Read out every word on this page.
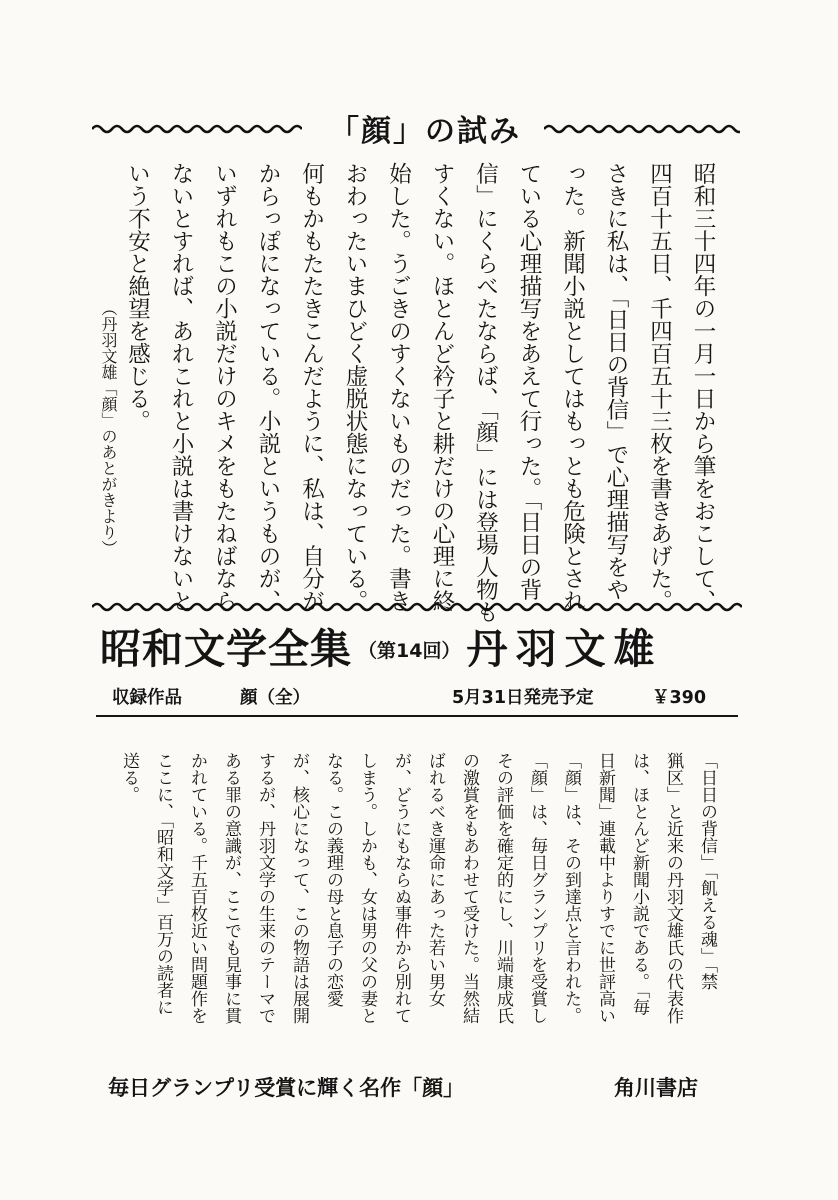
「顔」の試み
昭和三十四年の一月一日から筆をおこして、
四百十五日、千四百五十三枚を書きあげた。
さきに私は、「日日の背信」で心理描写をや
った。新聞小説としてはもっとも危険とされ
ている心理描写をあえて行った。「日日の背
信」にくらべたならば、「顔」には登場人物も
すくない。ほとんど衿子と耕だけの心理に終
始した。うごきのすくないものだった。書き
おわったいまひどく虚脱状態になっている。
何もかもたたきこんだように、私は、自分が
からっぽになっている。小説というものが、
いずれもこの小説だけのキメをもたねばなら
ないとすれば、あれこれと小説は書けないと
いう不安と絶望を感じる。
（丹羽文雄「顔」のあとがきより）
昭和文学全集 （第14回） 丹羽文雄
収録作品	顔（全）	5月31日発売予定	￥390
「日日の背信」「飢える魂」「禁
猟区」と近来の丹羽文雄氏の代表作
は、ほとんど新聞小説である。「毎
日新聞」連載中よりすでに世評高い
「顔」は、その到達点と言われた。
「顔」は、毎日グランプリを受賞し
その評価を確定的にし、川端康成氏
の激賞をもあわせて受けた。当然結
ばれるべき運命にあった若い男女
が、どうにもならぬ事件から別れて
しまう。しかも、女は男の父の妻と
なる。この義理の母と息子の恋愛
が、核心になって、この物語は展開
するが、丹羽文学の生来のテーマで
ある罪の意識が、ここでも見事に貫
かれている。千五百枚近い問題作を
ここに、「昭和文学」百万の読者に
送る。
毎日グランプリ受賞に輝く名作「顔」	角川書店
